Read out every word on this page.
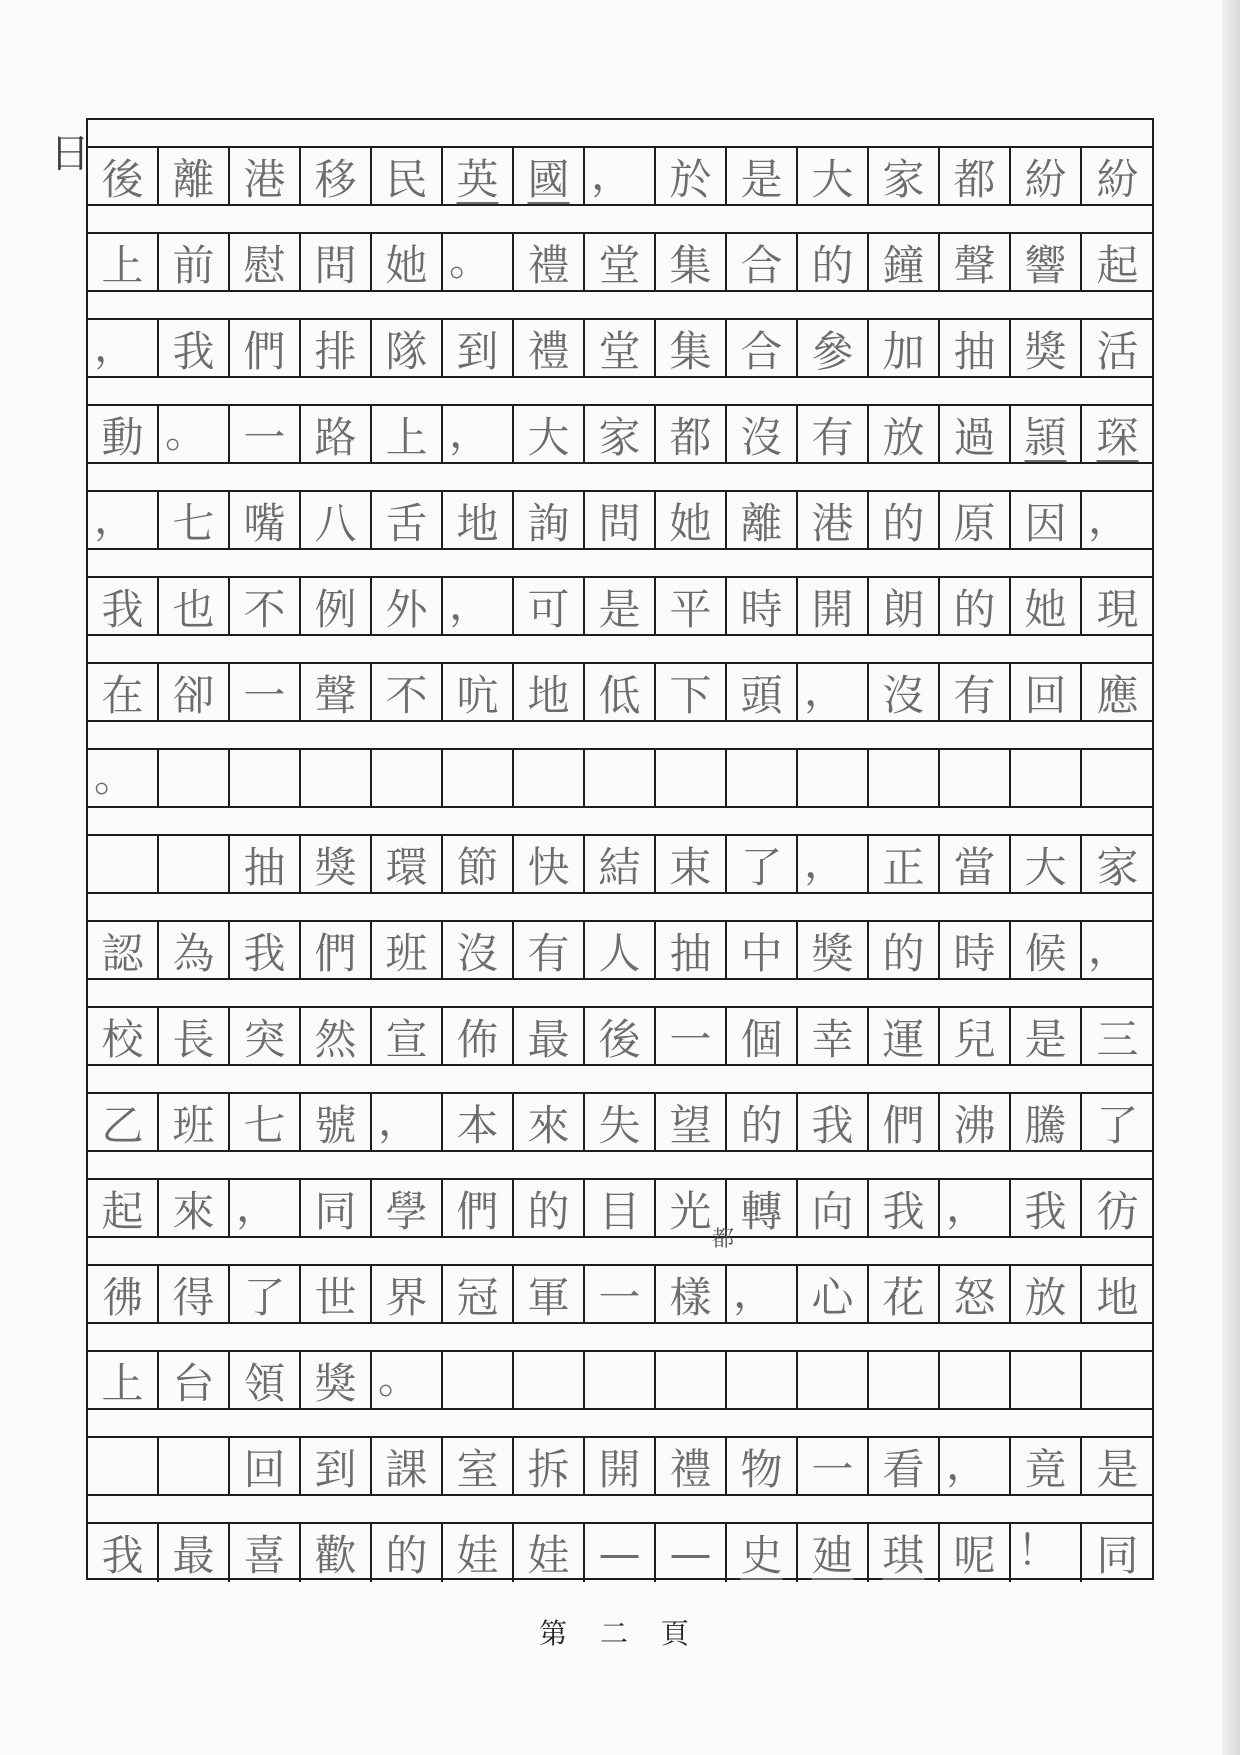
日
後 離 港 移 民 英 國 ， 於 是 大 家 都 紛 紛
上 前 慰 問 她 。 禮 堂 集 合 的 鐘 聲 響 起
， 我 們 排 隊 到 禮 堂 集 合 參 加 抽 獎 活
動 。 一 路 上 ， 大 家 都 沒 有 放 過 頴 琛
， 七 嘴 八 舌 地 詢 問 她 離 港 的 原 因 ，
我 也 不 例 外 ， 可 是 平 時 開 朗 的 她 現
在 卻 一 聲 不 吭 地 低 下 頭 ， 沒 有 回 應
。
抽 獎 環 節 快 結 束 了 ， 正 當 大 家
認 為 我 們 班 沒 有 人 抽 中 獎 的 時 候 ，
校 長 突 然 宣 佈 最 後 一 個 幸 運 兒 是 三
乙 班 七 號 ， 本 來 失 望 的 我 們 沸 騰 了
起 來 ， 同 學 們 的 目 光 轉 向 我 ， 我 彷
彿 得 了 世 界 冠 軍 一 樣 ， 心 花 怒 放 地
上 台 領 獎 。
回 到 課 室 拆 開 禮 物 一 看 ， 竟 是
我 最 喜 歡 的 娃 娃 — — 史 廸 琪 呢 ！ 同
都
第 二 頁
